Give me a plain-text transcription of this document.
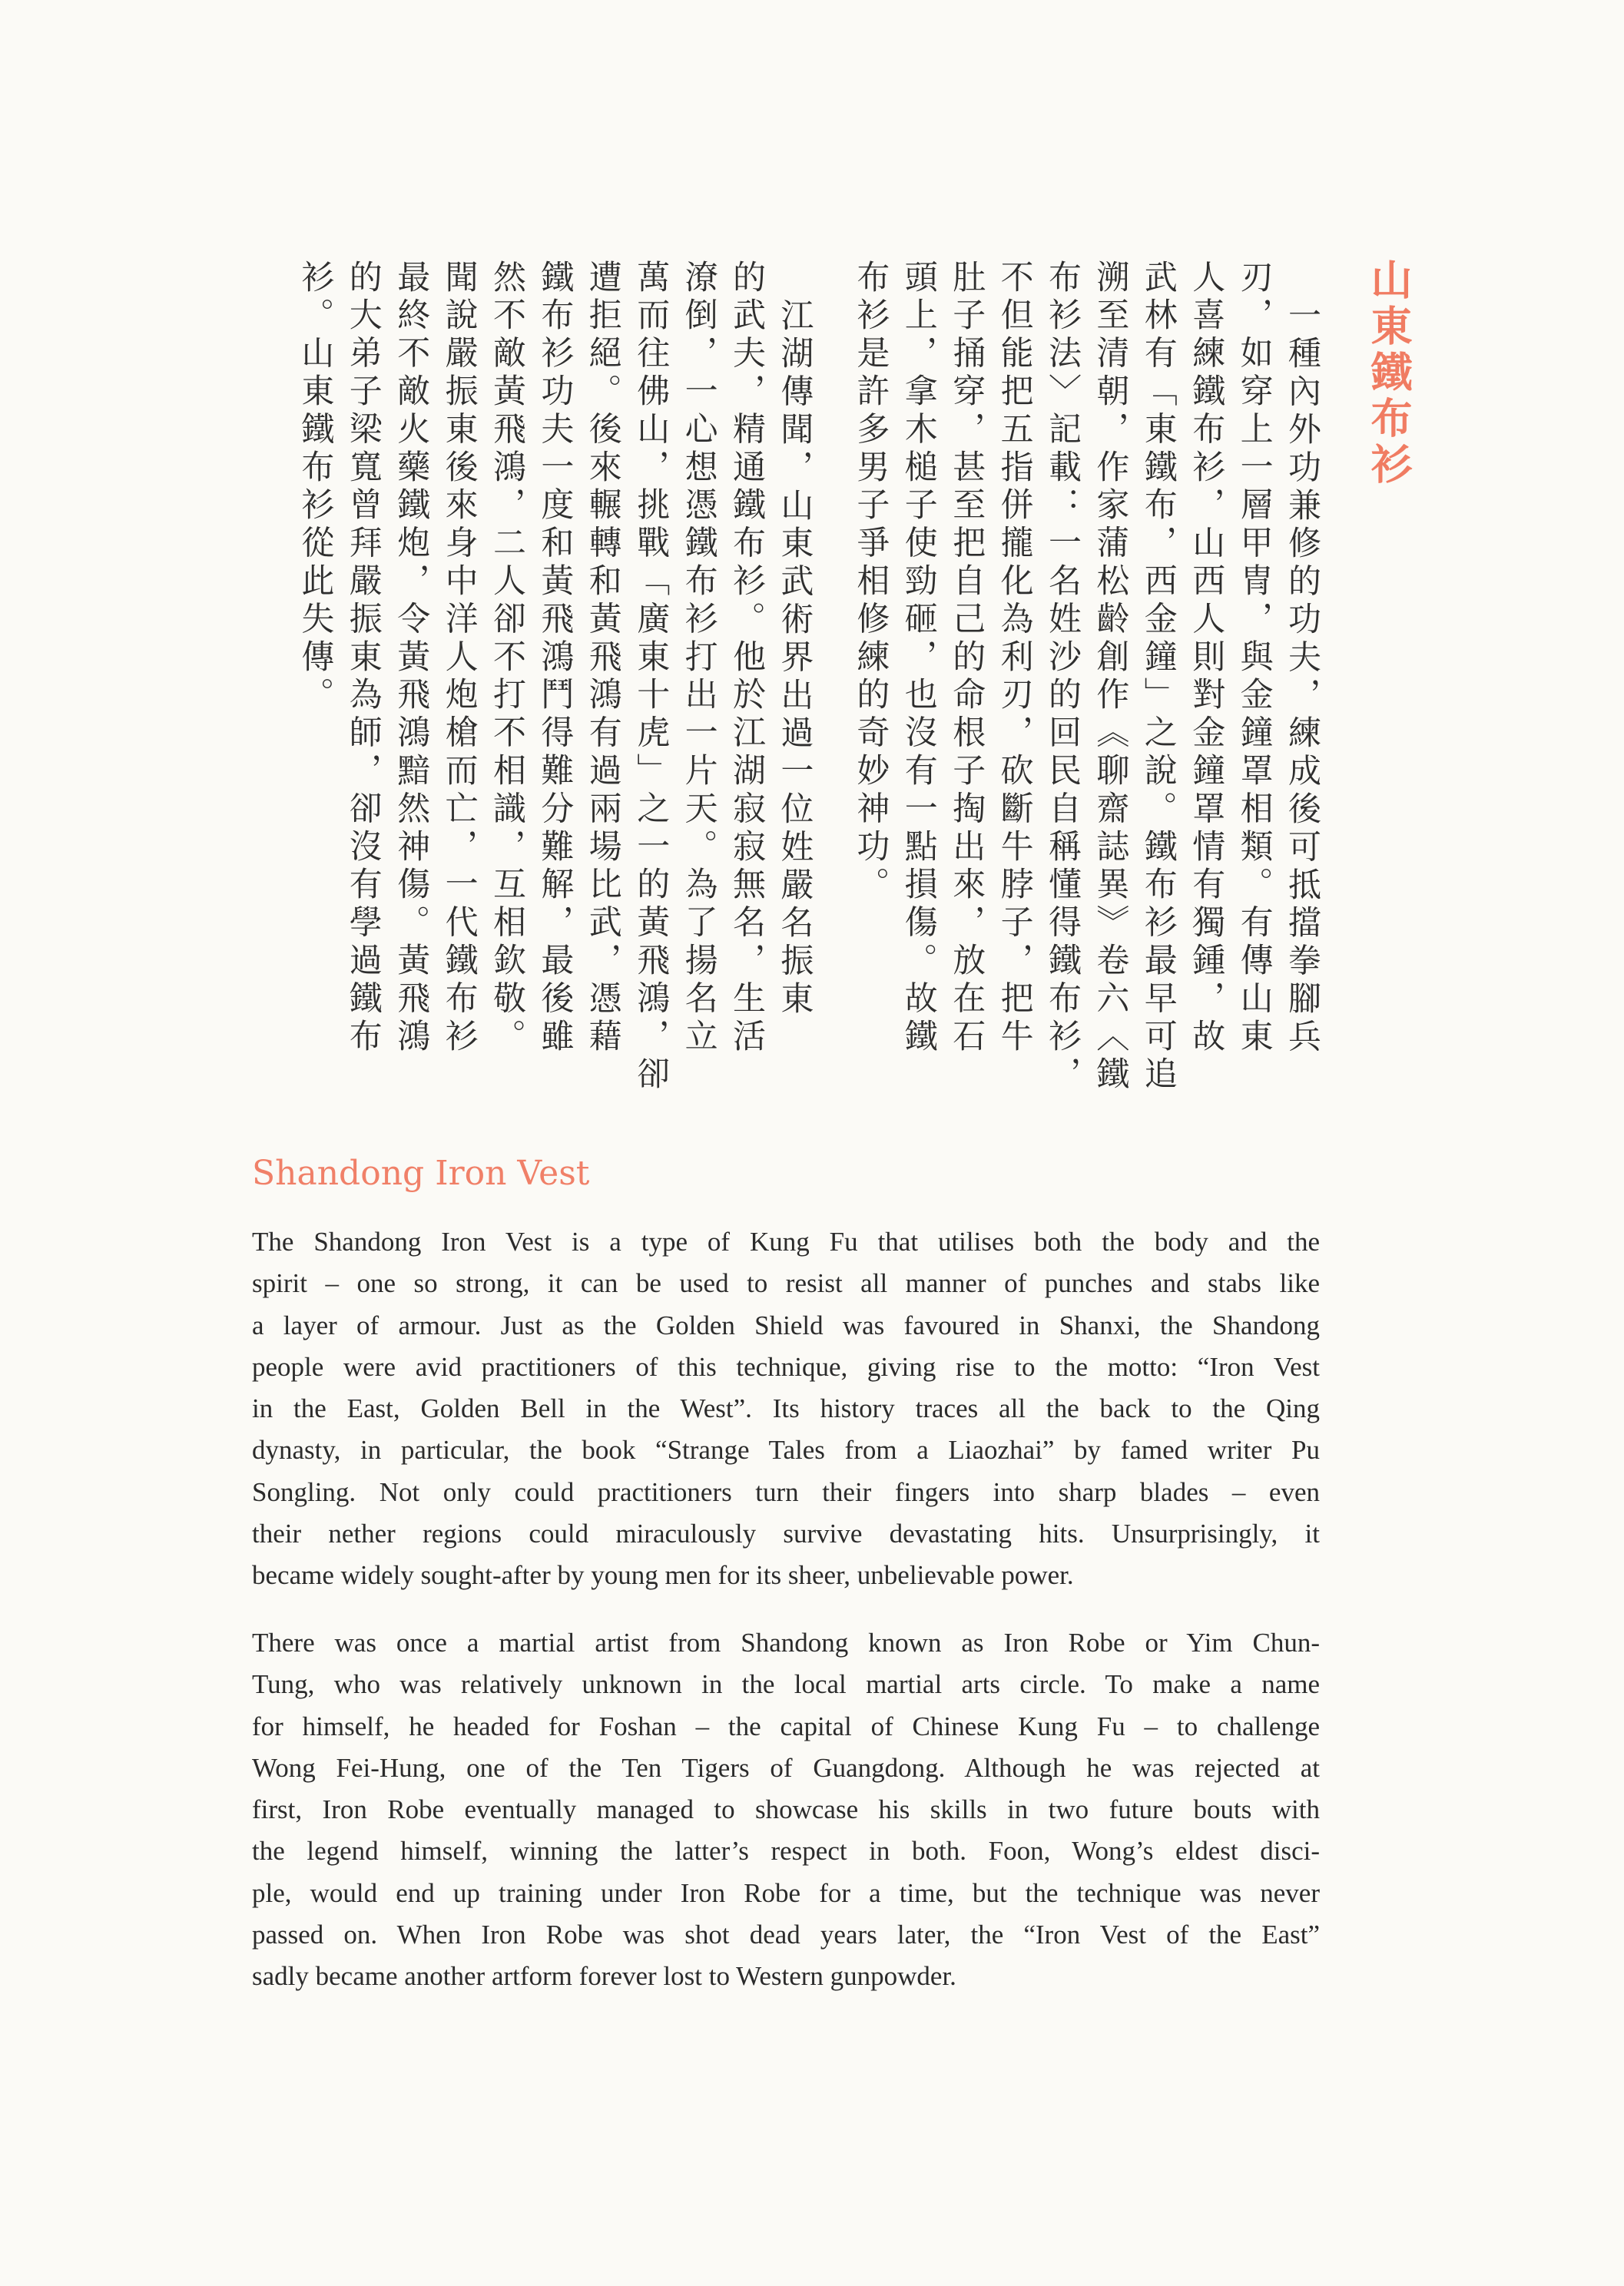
山東鐵布衫
一種內外功兼修的功夫，練成後可抵擋拳腳兵
刃，如穿上一層甲冑，與金鐘罩相類。有傳山東
人喜練鐵布衫，山西人則對金鐘罩情有獨鍾，故
武林有「東鐵布，西金鐘」之說。鐵布衫最早可追
溯至清朝，作家蒲松齡創作《聊齋誌異》卷六〈鐵
布衫法〉記載：一名姓沙的回民自稱懂得鐵布衫，
不但能把五指併攏化為利刃，砍斷牛脖子，把牛
肚子捅穿，甚至把自己的命根子掏出來，放在石
頭上，拿木槌子使勁砸，也沒有一點損傷。故鐵
布衫是許多男子爭相修練的奇妙神功。
江湖傳聞，山東武術界出過一位姓嚴名振東
的武夫，精通鐵布衫。他於江湖寂寂無名，生活
潦倒，一心想憑鐵布衫打出一片天。為了揚名立
萬而往佛山，挑戰「廣東十虎」之一的黃飛鴻，卻
遭拒絕。後來輾轉和黃飛鴻有過兩場比武，憑藉
鐵布衫功夫一度和黃飛鴻鬥得難分難解，最後雖
然不敵黃飛鴻，二人卻不打不相識，互相欽敬。
聞說嚴振東後來身中洋人炮槍而亡，一代鐵布衫
最終不敵火藥鐵炮，令黃飛鴻黯然神傷。黃飛鴻
的大弟子梁寬曾拜嚴振東為師，卻沒有學過鐵布
衫。山東鐵布衫從此失傳。
Shandong Iron Vest
The Shandong Iron Vest is a type of Kung Fu that utilises both the body and the
spirit – one so strong, it can be used to resist all manner of punches and stabs like
a layer of armour. Just as the Golden Shield was favoured in Shanxi, the Shandong
people were avid practitioners of this technique, giving rise to the motto: “Iron Vest
in the East, Golden Bell in the West”. Its history traces all the back to the Qing
dynasty, in particular, the book “Strange Tales from a Liaozhai” by famed writer Pu
Songling. Not only could practitioners turn their fingers into sharp blades – even
their nether regions could miraculously survive devastating hits. Unsurprisingly, it
became widely sought-after by young men for its sheer, unbelievable power.
There was once a martial artist from Shandong known as Iron Robe or Yim Chun-
Tung, who was relatively unknown in the local martial arts circle. To make a name
for himself, he headed for Foshan – the capital of Chinese Kung Fu – to challenge
Wong Fei-Hung, one of the Ten Tigers of Guangdong. Although he was rejected at
first, Iron Robe eventually managed to showcase his skills in two future bouts with
the legend himself, winning the latter’s respect in both. Foon, Wong’s eldest disci-
ple, would end up training under Iron Robe for a time, but the technique was never
passed on. When Iron Robe was shot dead years later, the “Iron Vest of the East”
sadly became another artform forever lost to Western gunpowder.
